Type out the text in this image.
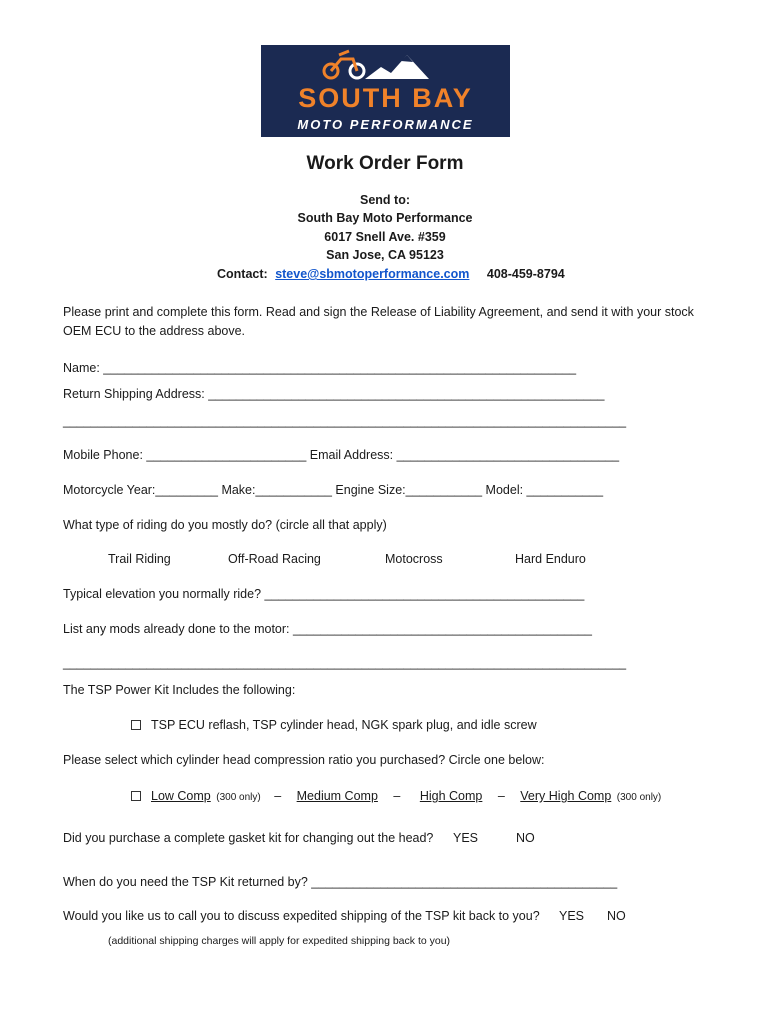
SOUTH BAY
MOTO PERFORMANCE
Work Order Form
Send to:
South Bay Moto Performance
6017 Snell Ave. #359
San Jose, CA 95123
Contact: steve@sbmotoperformance.com 408-459-8794
Please print and complete this form. Read and sign the Release of Liability Agreement, and send it with your stock
OEM ECU to the address above.
Name: ____________________________________________________________________
Return Shipping Address: _________________________________________________________
_________________________________________________________________________________
Mobile Phone: _______________________ Email Address: ________________________________
Motorcycle Year:_________ Make:___________ Engine Size:___________ Model: ___________
What type of riding do you mostly do? (circle all that apply)
Trail Riding	Off-Road Racing	Motocross	Hard Enduro
Typical elevation you normally ride? ______________________________________________
List any mods already done to the motor: ___________________________________________
_________________________________________________________________________________
The TSP Power Kit Includes the following:
TSP ECU reflash, TSP cylinder head, NGK spark plug, and idle screw
Please select which cylinder head compression ratio you purchased? Circle one below:
Low Comp (300 only) – Medium Comp – High Comp – Very High Comp (300 only)
Did you purchase a complete gasket kit for changing out the head? YES	NO
When do you need the TSP Kit returned by? ____________________________________________
Would you like us to call you to discuss expedited shipping of the TSP kit back to you? YES NO
(additional shipping charges will apply for expedited shipping back to you)
